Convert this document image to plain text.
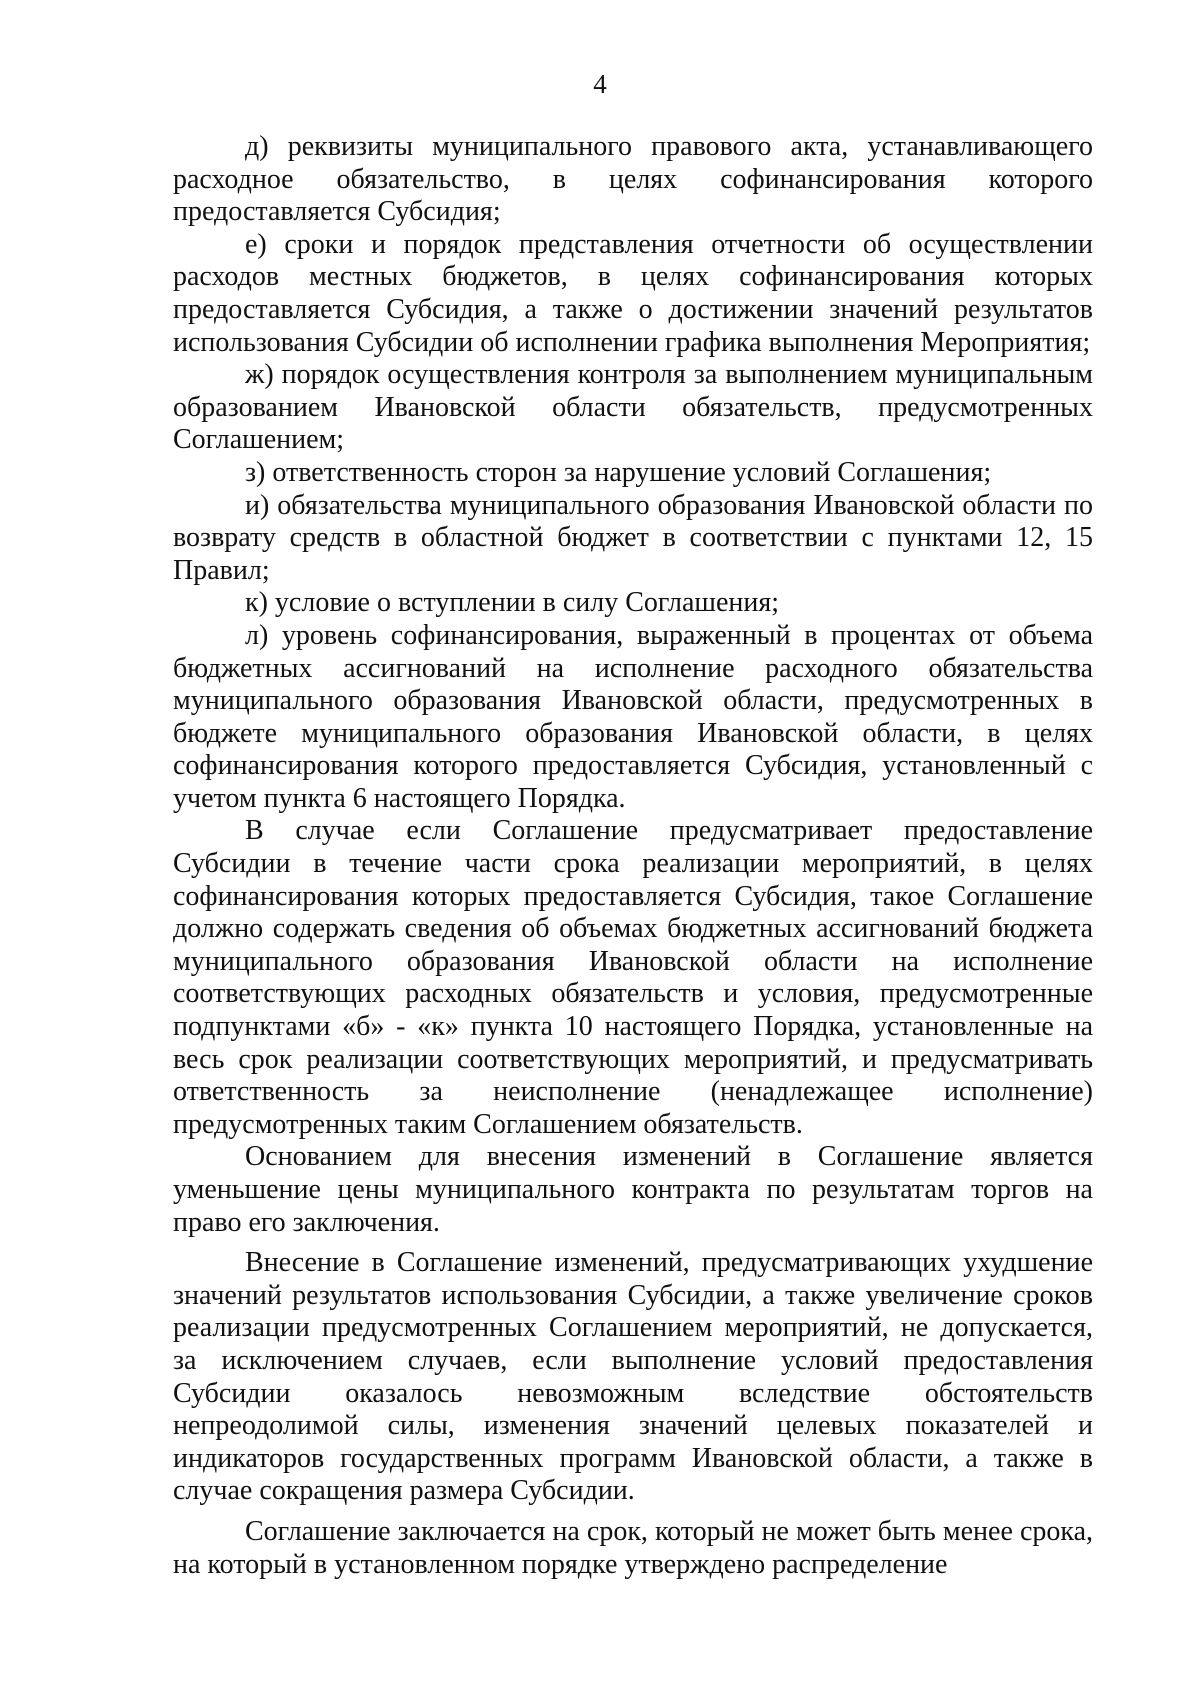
4

д) реквизиты муниципального правового акта, устанавливающего расходное обязательство, в целях софинансирования которого предоставляется Субсидия;

е) сроки и порядок представления отчетности об осуществлении расходов местных бюджетов, в целях софинансирования которых предоставляется Субсидия, а также о достижении значений результатов использования Субсидии об исполнении графика выполнения Мероприятия;

ж) порядок осуществления контроля за выполнением муниципальным образованием Ивановской области обязательств, предусмотренных Соглашением;

з) ответственность сторон за нарушение условий Соглашения;

и) обязательства муниципального образования Ивановской области по возврату средств в областной бюджет в соответствии с пунктами 12, 15 Правил;

к) условие о вступлении в силу Соглашения;

л) уровень софинансирования, выраженный в процентах от объема бюджетных ассигнований на исполнение расходного обязательства муниципального образования Ивановской области, предусмотренных в бюджете муниципального образования Ивановской области, в целях софинансирования которого предоставляется Субсидия, установленный с учетом пункта 6 настоящего Порядка.

В случае если Соглашение предусматривает предоставление Субсидии в течение части срока реализации мероприятий, в целях софинансирования которых предоставляется Субсидия, такое Соглашение должно содержать сведения об объемах бюджетных ассигнований бюджета муниципального образования Ивановской области на исполнение соответствующих расходных обязательств и условия, предусмотренные подпунктами «б» - «к» пункта 10 настоящего Порядка, установленные на весь срок реализации соответствующих мероприятий, и предусматривать ответственность за неисполнение (ненадлежащее исполнение) предусмотренных таким Соглашением обязательств.

Основанием для внесения изменений в Соглашение является уменьшение цены муниципального контракта по результатам торгов на право его заключения.

Внесение в Соглашение изменений, предусматривающих ухудшение значений результатов использования Субсидии, а также увеличение сроков реализации предусмотренных Соглашением мероприятий, не допускается, за исключением случаев, если выполнение условий предоставления Субсидии оказалось невозможным вследствие обстоятельств непреодолимой силы, изменения значений целевых показателей и индикаторов государственных программ Ивановской области, а также в случае сокращения размера Субсидии.

Соглашение заключается на срок, который не может быть менее срока, на который в установленном порядке утверждено распределение
